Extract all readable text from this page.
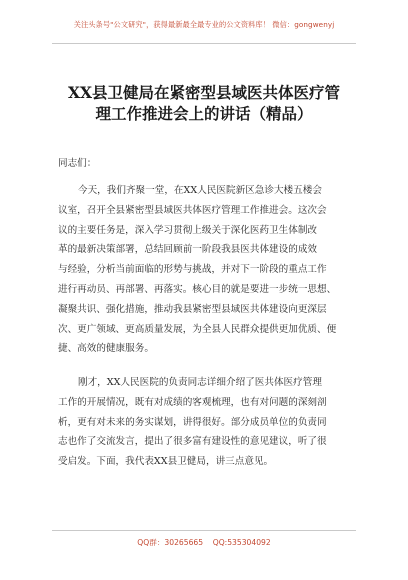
关注头条号"公文研究"，获得最新最全最专业的公文资料库！ 微信：gongwenyj
XX县卫健局在紧密型县域医共体医疗管
理工作推进会上的讲话（精品）
同志们：
今天，我们齐聚一堂，在XX人民医院新区急诊大楼五楼会
议室，召开全县紧密型县域医共体医疗管理工作推进会。这次会
议的主要任务是，深入学习贯彻上级关于深化医药卫生体制改
革的最新决策部署，总结回顾前一阶段我县医共体建设的成效
与经验，分析当前面临的形势与挑战，并对下一阶段的重点工作
进行再动员、再部署、再落实。核心目的就是要进一步统一思想、
凝聚共识、强化措施，推动我县紧密型县域医共体建设向更深层
次、更广领域、更高质量发展，为全县人民群众提供更加优质、便
捷、高效的健康服务。
刚才，XX人民医院的负责同志详细介绍了医共体医疗管理
工作的开展情况，既有对成绩的客观梳理，也有对问题的深刻剖
析，更有对未来的务实谋划，讲得很好。部分成员单位的负责同
志也作了交流发言，提出了很多富有建设性的意见建议，听了很
受启发。下面，我代表XX县卫健局，讲三点意见。
QQ群：30265665    QQ:535304092
